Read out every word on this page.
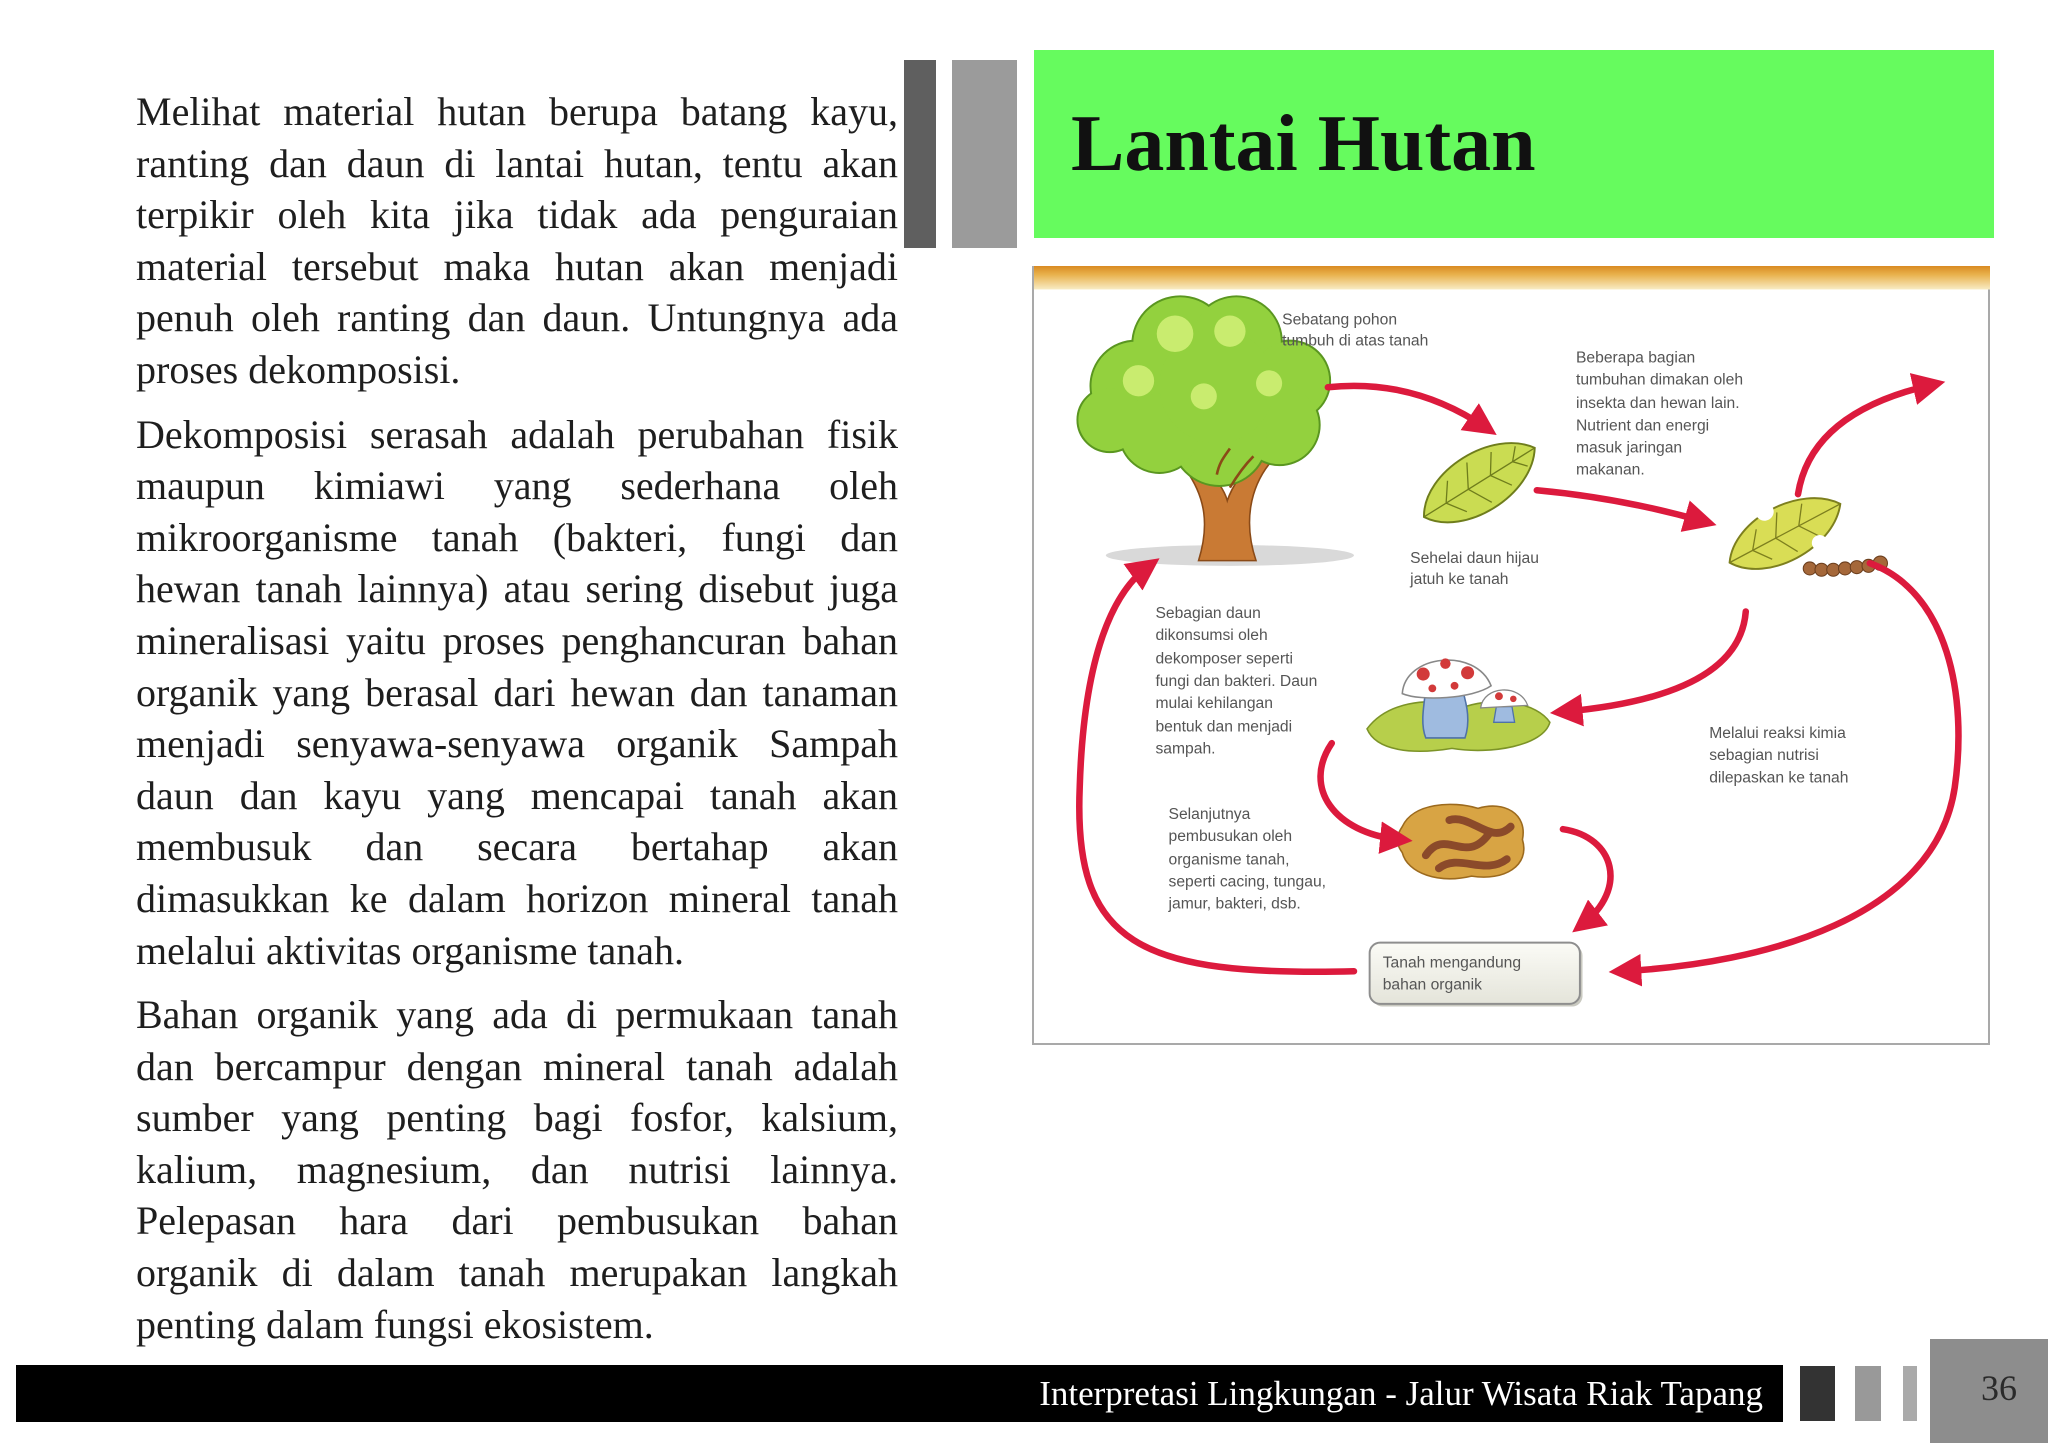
Melihat material hutan berupa batang kayu,
ranting dan daun di lantai hutan, tentu akan
terpikir oleh kita jika tidak ada penguraian
material tersebut maka hutan akan menjadi
penuh oleh ranting dan daun. Untungnya ada
proses dekomposisi.
Dekomposisi serasah adalah perubahan fisik
maupun kimiawi yang sederhana oleh
mikroorganisme tanah (bakteri, fungi dan
hewan tanah lainnya) atau sering disebut juga
mineralisasi yaitu proses penghancuran bahan
organik yang berasal dari hewan dan tanaman
menjadi senyawa-senyawa organik Sampah
daun dan kayu yang mencapai tanah akan
membusuk dan secara bertahap akan
dimasukkan ke dalam horizon mineral tanah
melalui aktivitas organisme tanah.
Bahan organik yang ada di permukaan tanah
dan bercampur dengan mineral tanah adalah
sumber yang penting bagi fosfor, kalsium,
kalium, magnesium, dan nutrisi lainnya.
Pelepasan hara dari pembusukan bahan
organik di dalam tanah merupakan langkah
penting dalam fungsi ekosistem.
Lantai Hutan
Tanah mengandung
bahan organik
Sebatang pohon
tumbuh di atas tanah
Beberapa bagian
tumbuhan dimakan oleh
insekta dan hewan lain.
Nutrient dan energi
masuk jaringan
makanan.
Sehelai daun hijau
jatuh ke tanah
Sebagian daun
dikonsumsi oleh
dekomposer seperti
fungi dan bakteri. Daun
mulai kehilangan
bentuk dan menjadi
sampah.
Melalui reaksi kimia
sebagian nutrisi
dilepaskan ke tanah
Selanjutnya
pembusukan oleh
organisme tanah,
seperti cacing, tungau,
jamur, bakteri, dsb.
Interpretasi Lingkungan - Jalur Wisata Riak Tapang	36
